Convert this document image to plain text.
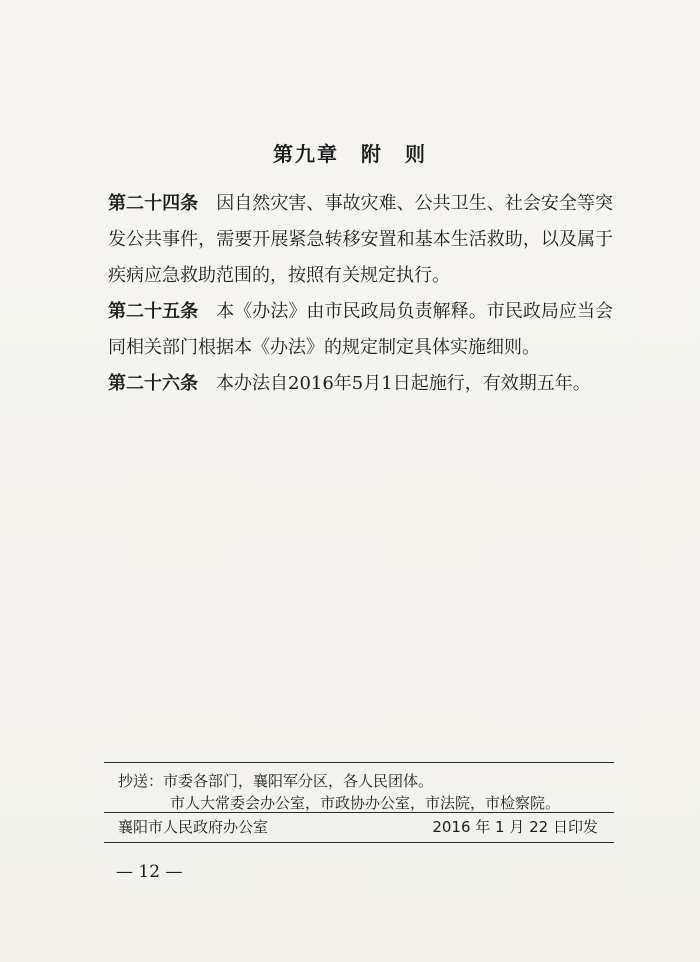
第九章　附　则
第二十四条　因自然灾害、事故灾难、公共卫生、社会安全等突发公共事件，需要开展紧急转移安置和基本生活救助，以及属于疾病应急救助范围的，按照有关规定执行。
第二十五条　本《办法》由市民政局负责解释。市民政局应当会同相关部门根据本《办法》的规定制定具体实施细则。
第二十六条　本办法自2016年5月1日起施行，有效期五年。
抄送：市委各部门，襄阳军分区，各人民团体。
市人大常委会办公室，市政协办公室，市法院，市检察院。
襄阳市人民政府办公室	2016 年 1 月 22 日印发
— 12 —
